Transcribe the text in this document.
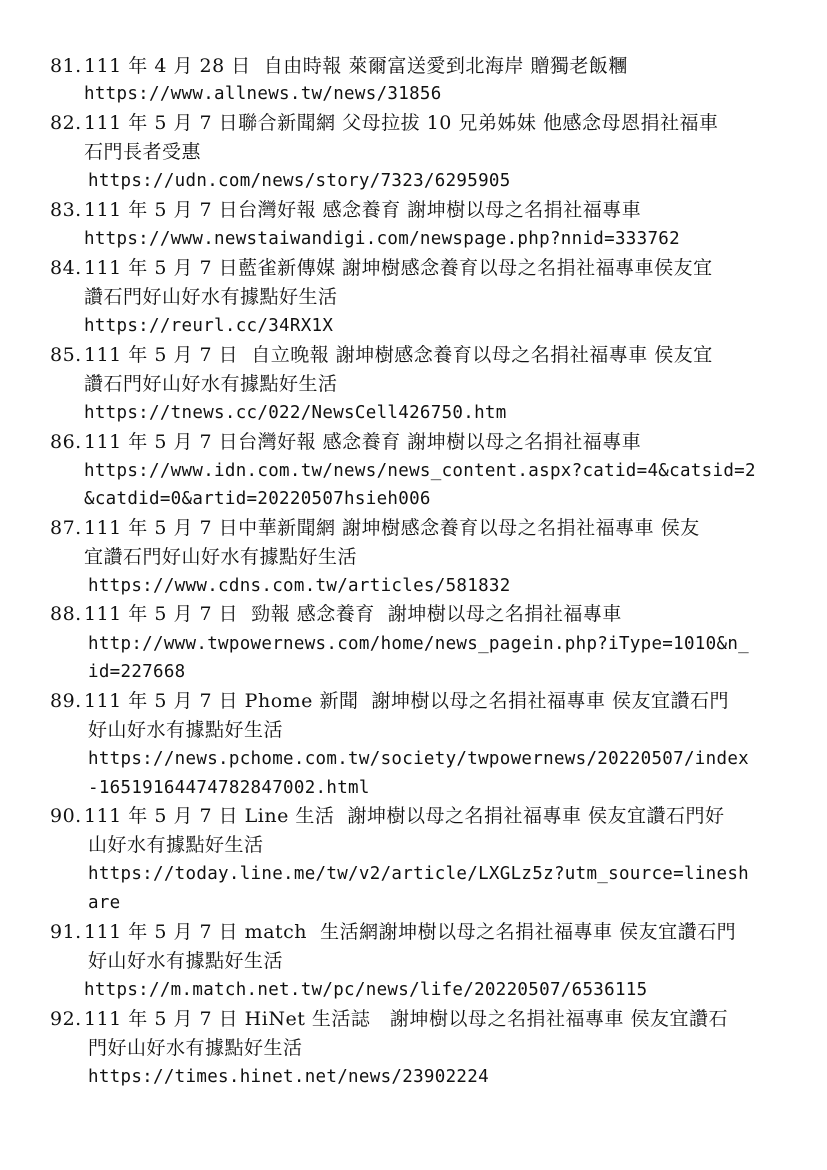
81. 111 年 4 月 28 日  自由時報 萊爾富送愛到北海岸 贈獨老飯糰
https://www.allnews.tw/news/31856
82. 111 年 5 月 7 日聯合新聞網 父母拉拔 10 兄弟姊妹 他感念母恩捐社福車
石門長者受惠
https://udn.com/news/story/7323/6295905
83. 111 年 5 月 7 日台灣好報 感念養育 謝坤樹以母之名捐社福專車
https://www.newstaiwandigi.com/newspage.php?nnid=333762
84. 111 年 5 月 7 日藍雀新傳媒 謝坤樹感念養育以母之名捐社福專車侯友宜
讚石門好山好水有據點好生活
https://reurl.cc/34RX1X
85. 111 年 5 月 7 日  自立晚報 謝坤樹感念養育以母之名捐社福專車 侯友宜
讚石門好山好水有據點好生活
https://tnews.cc/022/NewsCell426750.htm
86. 111 年 5 月 7 日台灣好報 感念養育 謝坤樹以母之名捐社福專車
https://www.idn.com.tw/news/news_content.aspx?catid=4&catsid=2
&catdid=0&artid=20220507hsieh006
87. 111 年 5 月 7 日中華新聞網 謝坤樹感念養育以母之名捐社福專車 侯友
宜讚石門好山好水有據點好生活
https://www.cdns.com.tw/articles/581832
88. 111 年 5 月 7 日  勁報 感念養育  謝坤樹以母之名捐社福專車
http://www.twpowernews.com/home/news_pagein.php?iType=1010&n_
id=227668
89. 111 年 5 月 7 日 Phome 新聞  謝坤樹以母之名捐社福專車 侯友宜讚石門
好山好水有據點好生活
https://news.pchome.com.tw/society/twpowernews/20220507/index
-16519164474782847002.html
90. 111 年 5 月 7 日 Line 生活  謝坤樹以母之名捐社福專車 侯友宜讚石門好
山好水有據點好生活
https://today.line.me/tw/v2/article/LXGLz5z?utm_source=linesh
are
91. 111 年 5 月 7 日 match  生活網謝坤樹以母之名捐社福專車 侯友宜讚石門
好山好水有據點好生活
https://m.match.net.tw/pc/news/life/20220507/6536115
92. 111 年 5 月 7 日 HiNet 生活誌   謝坤樹以母之名捐社福專車 侯友宜讚石
門好山好水有據點好生活
https://times.hinet.net/news/23902224
